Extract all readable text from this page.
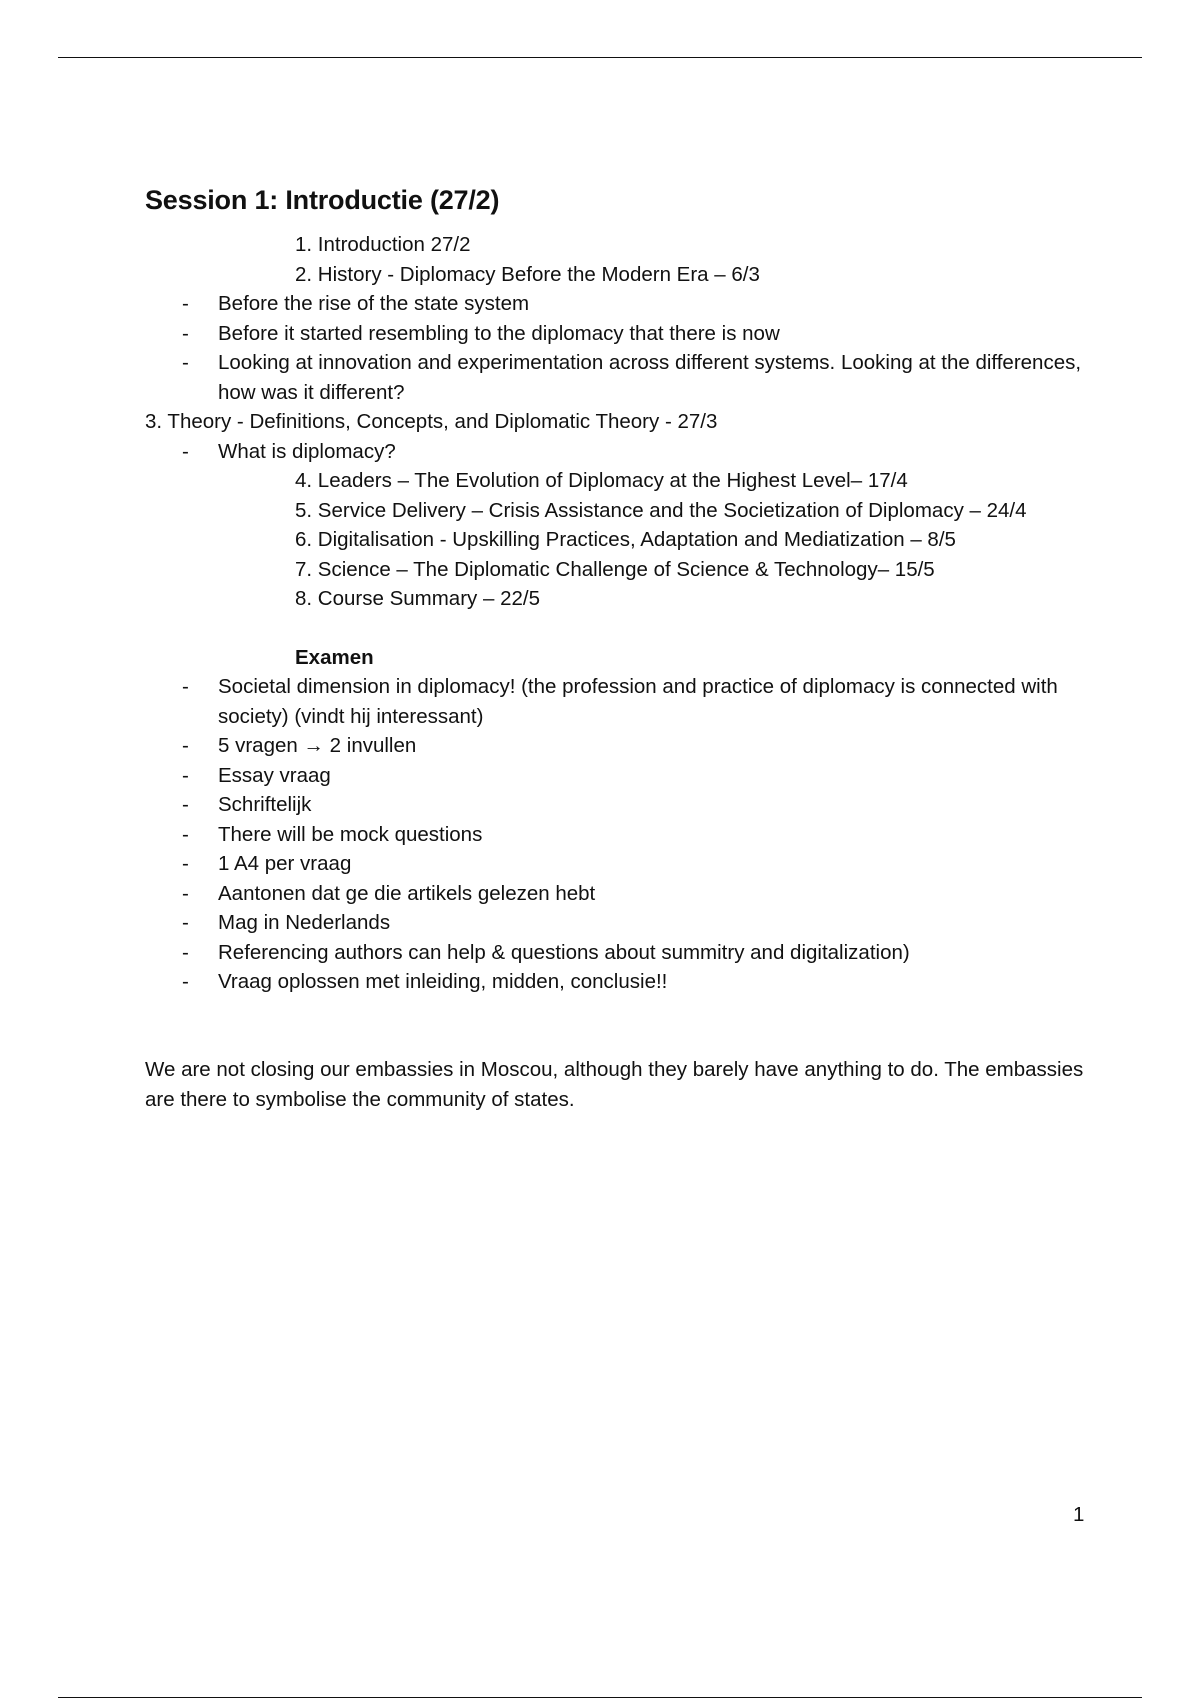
Session 1: Introductie (27/2)

1. Introduction 27/2

2. History - Diplomacy Before the Modern Era – 6/3

- Before the rise of the state system

- Before it started resembling to the diplomacy that there is now

- Looking at innovation and experimentation across different systems. Looking at the differences, how was it different?

3. Theory - Definitions, Concepts, and Diplomatic Theory - 27/3

- What is diplomacy?

4. Leaders – The Evolution of Diplomacy at the Highest Level– 17/4

5. Service Delivery – Crisis Assistance and the Societization of Diplomacy – 24/4

6. Digitalisation - Upskilling Practices, Adaptation and Mediatization – 8/5

7. Science – The Diplomatic Challenge of Science & Technology– 15/5

8. Course Summary – 22/5

Examen

- Societal dimension in diplomacy! (the profession and practice of diplomacy is connected with society) (vindt hij interessant)

- 5 vragen → 2 invullen

- Essay vraag

- Schriftelijk

- There will be mock questions

- 1 A4 per vraag

- Aantonen dat ge die artikels gelezen hebt

- Mag in Nederlands

- Referencing authors can help & questions about summitry and digitalization)

- Vraag oplossen met inleiding, midden, conclusie!!

We are not closing our embassies in Moscou, although they barely have anything to do. The embassies are there to symbolise the community of states.

1
